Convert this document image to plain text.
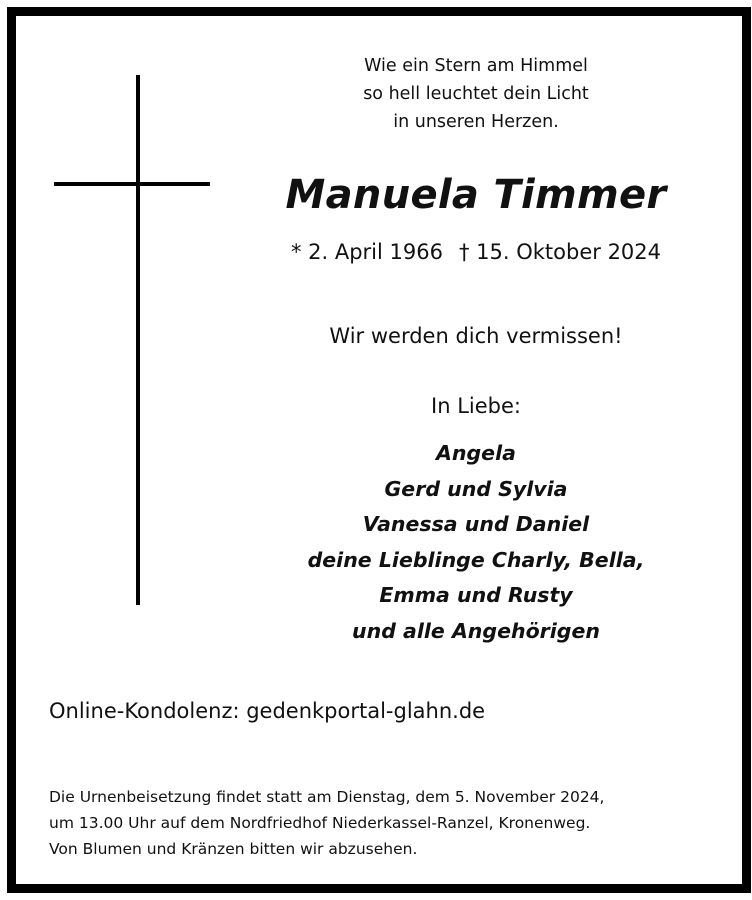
Wie ein Stern am Himmel
so hell leuchtet dein Licht
in unseren Herzen.
Manuela Timmer
* 2. April 1966 † 15. Oktober 2024
Wir werden dich vermissen!
In Liebe:
Angela
Gerd und Sylvia
Vanessa und Daniel
deine Lieblinge Charly, Bella,
Emma und Rusty
und alle Angehörigen
Online-Kondolenz: gedenkportal-glahn.de
Die Urnenbeisetzung findet statt am Dienstag, dem 5. November 2024,
um 13.00 Uhr auf dem Nordfriedhof Niederkassel-Ranzel, Kronenweg.
Von Blumen und Kränzen bitten wir abzusehen.
